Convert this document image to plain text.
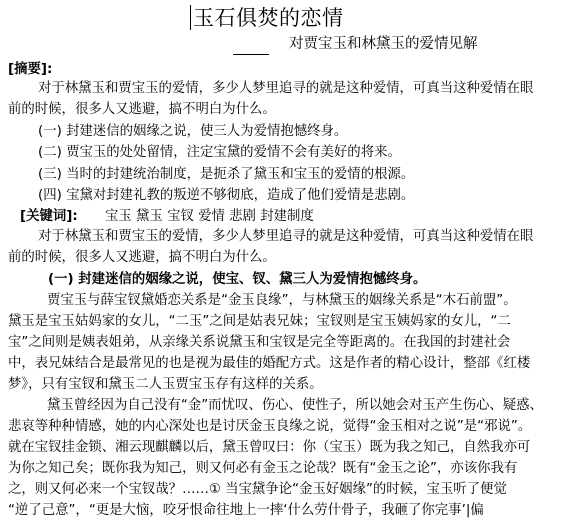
玉石俱焚的恋情
对贾宝玉和林黛玉的爱情见解
[摘要]:
对于林黛玉和贾宝玉的爱情，多少人梦里追寻的就是这种爱情，可真当这种爱情在眼
前的时候，很多人又逃避，搞不明白为什么。
(一) 封建迷信的姻缘之说，使三人为爱情抱憾终身。
(二) 贾宝玉的处处留情，注定宝黛的爱情不会有美好的将来。
(三) 当时的封建统治制度，是扼杀了黛玉和宝玉的爱情的根源。
(四) 宝黛对封建礼教的叛逆不够彻底，造成了他们爱情是悲剧。
[关键词]: 宝玉 黛玉 宝钗 爱情 悲剧 封建制度
对于林黛玉和贾宝玉的爱情，多少人梦里追寻的就是这种爱情，可真当这种爱情在眼
前的时候，很多人又逃避，搞不明白为什么。
(一) 封建迷信的姻缘之说，使宝、钗、黛三人为爱情抱憾终身。
贾宝玉与薛宝钗黛婚恋关系是“金玉良缘”，与林黛玉的姻缘关系是“木石前盟”。
黛玉是宝玉姑妈家的女儿，“二玉”之间是姑表兄妹；宝钗则是宝玉姨妈家的女儿，“二
宝”之间则是姨表姐弟，从亲缘关系说黛玉和宝钗是完全等距离的。在我国的封建社会
中，表兄妹结合是最常见的也是视为最佳的婚配方式。这是作者的精心设计，整部《红楼
梦》，只有宝钗和黛玉二人玉贾宝玉存有这样的关系。
黛玉曾经因为自己没有“金”而忧叹、伤心、使性子，所以她会对玉产生伤心、疑惑、
悲哀等种种情感，她的内心深处也是讨厌金玉良缘之说，觉得“金玉相对之说”是“邪说”。
就在宝钗挂金锁、湘云现麒麟以后，黛玉曾叹曰：你（宝玉）既为我之知己，自然我亦可
为你之知己矣；既你我为知己，则又何必有金玉之论哉？既有“金玉之论”，亦该你我有
之，则又何必来一个宝钗哉？……① 当宝黛争论“金玉好姻缘”的时候，宝玉听了便觉
“逆了己意”，“更是大恼，咬牙恨命往地上一摔‘什么劳什骨子，我砸了你完事’|偏
